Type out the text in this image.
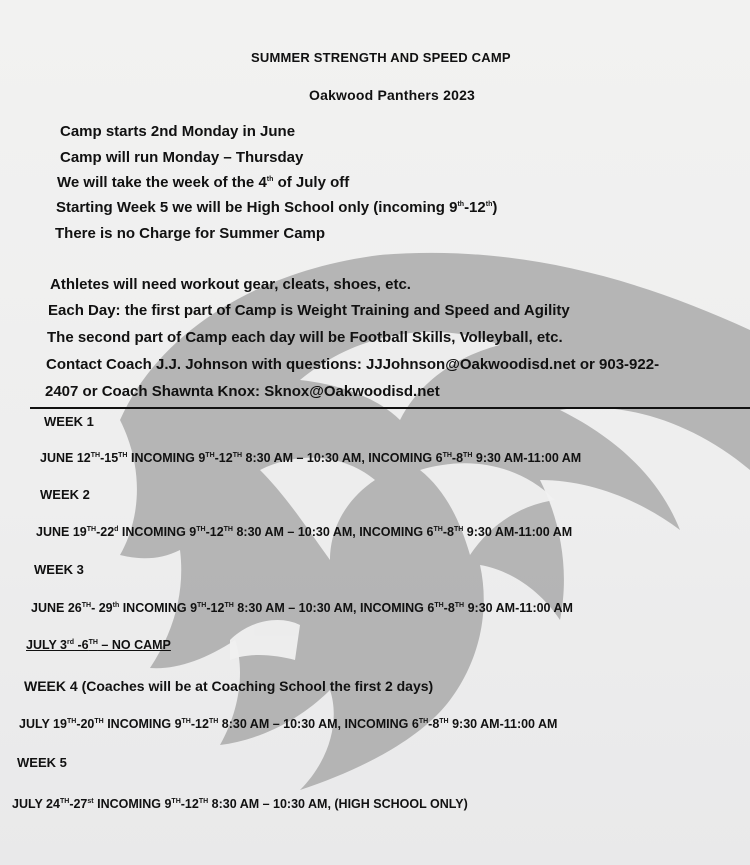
SUMMER STRENGTH AND SPEED CAMP
Oakwood Panthers 2023
Camp starts 2nd Monday in June
Camp will run Monday – Thursday
We will take the week of the 4th of July off
Starting Week 5 we will be High School only (incoming 9th-12th)
There is no Charge for Summer Camp
Athletes will need workout gear, cleats, shoes, etc.
Each Day: the first part of Camp is Weight Training and Speed and Agility
The second part of Camp each day will be Football Skills, Volleyball, etc.
Contact Coach J.J. Johnson with questions: JJJohnson@Oakwoodisd.net or 903-922-
2407 or Coach Shawnta Knox: Sknox@Oakwoodisd.net
WEEK 1
JUNE 12TH-15TH INCOMING 9TH-12TH 8:30 AM – 10:30 AM, INCOMING 6TH-8TH 9:30 AM-11:00 AM
WEEK 2
JUNE 19TH-22$^d$ INCOMING 9TH-12TH 8:30 AM – 10:30 AM, INCOMING 6TH-8TH 9:30 AM-11:00 AM
WEEK 3
JUNE 26TH- 29th INCOMING 9TH-12TH 8:30 AM – 10:30 AM, INCOMING 6TH-8TH 9:30 AM-11:00 AM
JULY 3rd -6TH – NO CAMP
WEEK 4 (Coaches will be at Coaching School the first 2 days)
JULY 19TH-20TH INCOMING 9TH-12TH 8:30 AM – 10:30 AM, INCOMING 6TH-8TH 9:30 AM-11:00 AM
WEEK 5
JULY 24TH-27st INCOMING 9TH-12TH 8:30 AM – 10:30 AM, (HIGH SCHOOL ONLY)
